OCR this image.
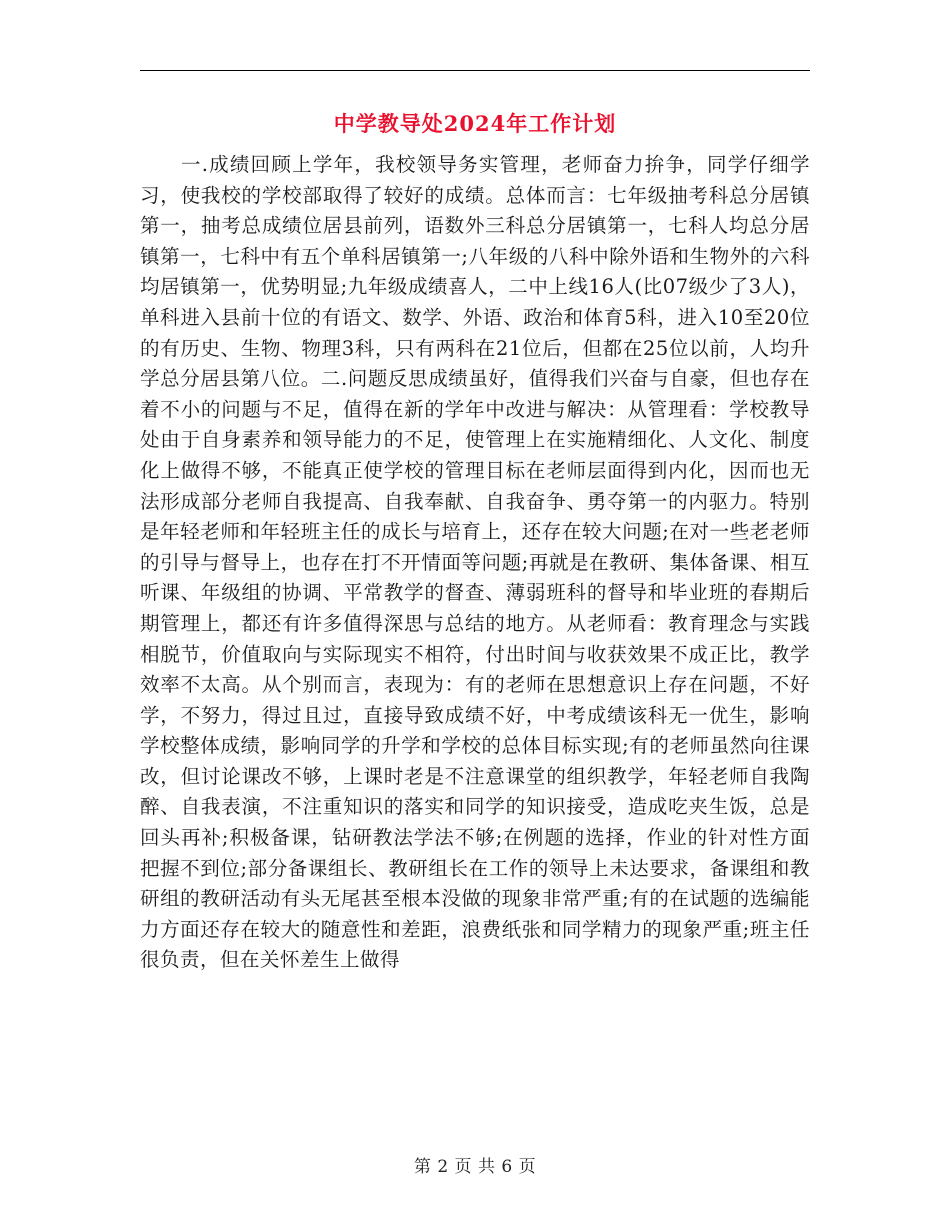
中学教导处2024年工作计划

一.成绩回顾上学年，我校领导务实管理，老师奋力拚争，同学仔细学习，使我校的学校部取得了较好的成绩。总体而言：七年级抽考科总分居镇第一，抽考总成绩位居县前列，语数外三科总分居镇第一，七科人均总分居镇第一，七科中有五个单科居镇第一;八年级的八科中除外语和生物外的六科均居镇第一，优势明显;九年级成绩喜人，二中上线16人(比07级少了3人)，单科进入县前十位的有语文、数学、外语、政治和体育5科，进入10至20位的有历史、生物、物理3科，只有两科在21位后，但都在25位以前，人均升学总分居县第八位。二.问题反思成绩虽好，值得我们兴奋与自豪，但也存在着不小的问题与不足，值得在新的学年中改进与解决：从管理看：学校教导处由于自身素养和领导能力的不足，使管理上在实施精细化、人文化、制度化上做得不够，不能真正使学校的管理目标在老师层面得到内化，因而也无法形成部分老师自我提高、自我奉献、自我奋争、勇夺第一的内驱力。特别是年轻老师和年轻班主任的成长与培育上，还存在较大问题;在对一些老老师的引导与督导上，也存在打不开情面等问题;再就是在教研、集体备课、相互听课、年级组的协调、平常教学的督查、薄弱班科的督导和毕业班的春期后期管理上，都还有许多值得深思与总结的地方。从老师看：教育理念与实践相脱节，价值取向与实际现实不相符，付出时间与收获效果不成正比，教学效率不太高。从个别而言，表现为：有的老师在思想意识上存在问题，不好学，不努力，得过且过，直接导致成绩不好，中考成绩该科无一优生，影响学校整体成绩，影响同学的升学和学校的总体目标实现;有的老师虽然向往课改，但讨论课改不够，上课时老是不注意课堂的组织教学，年轻老师自我陶醉、自我表演，不注重知识的落实和同学的知识接受，造成吃夹生饭，总是回头再补;积极备课，钻研教法学法不够;在例题的选择，作业的针对性方面把握不到位;部分备课组长、教研组长在工作的领导上未达要求，备课组和教研组的教研活动有头无尾甚至根本没做的现象非常严重;有的在试题的选编能力方面还存在较大的随意性和差距，浪费纸张和同学精力的现象严重;班主任很负责，但在关怀差生上做得

第 2 页 共 6 页
